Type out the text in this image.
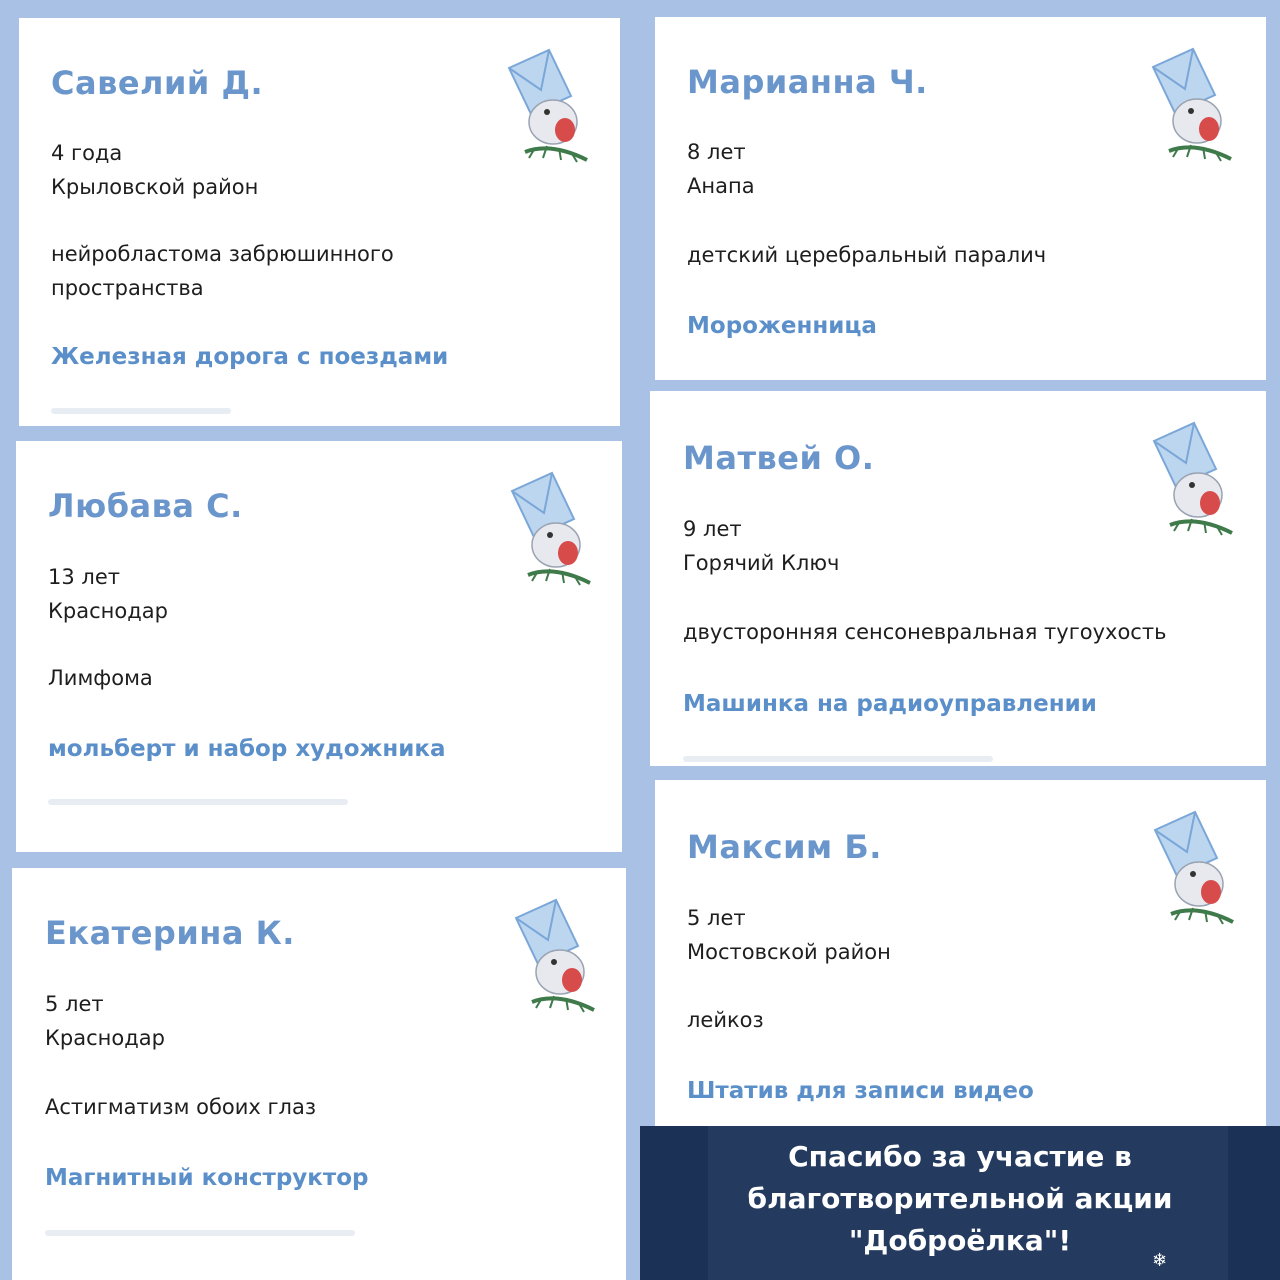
Савелий Д.
4 года
Крыловской район
нейробластома забрюшинного
пространства
Железная дорога с поездами
Марианна Ч.
8 лет
Анапа
детский церебральный паралич
Мороженница
Любава С.
13 лет
Краснодар
Лимфома
мольберт и набор художника
Матвей О.
9 лет
Горячий Ключ
двусторонняя сенсоневральная тугоухость
Машинка на радиоуправлении
Екатерина К.
5 лет
Краснодар
Астигматизм обоих глаз
Магнитный конструктор
Максим Б.
5 лет
Мостовской район
лейкоз
Штатив для записи видео
Спасибо за участие в
благотворительной акции
"Доброёлка"!
❄
